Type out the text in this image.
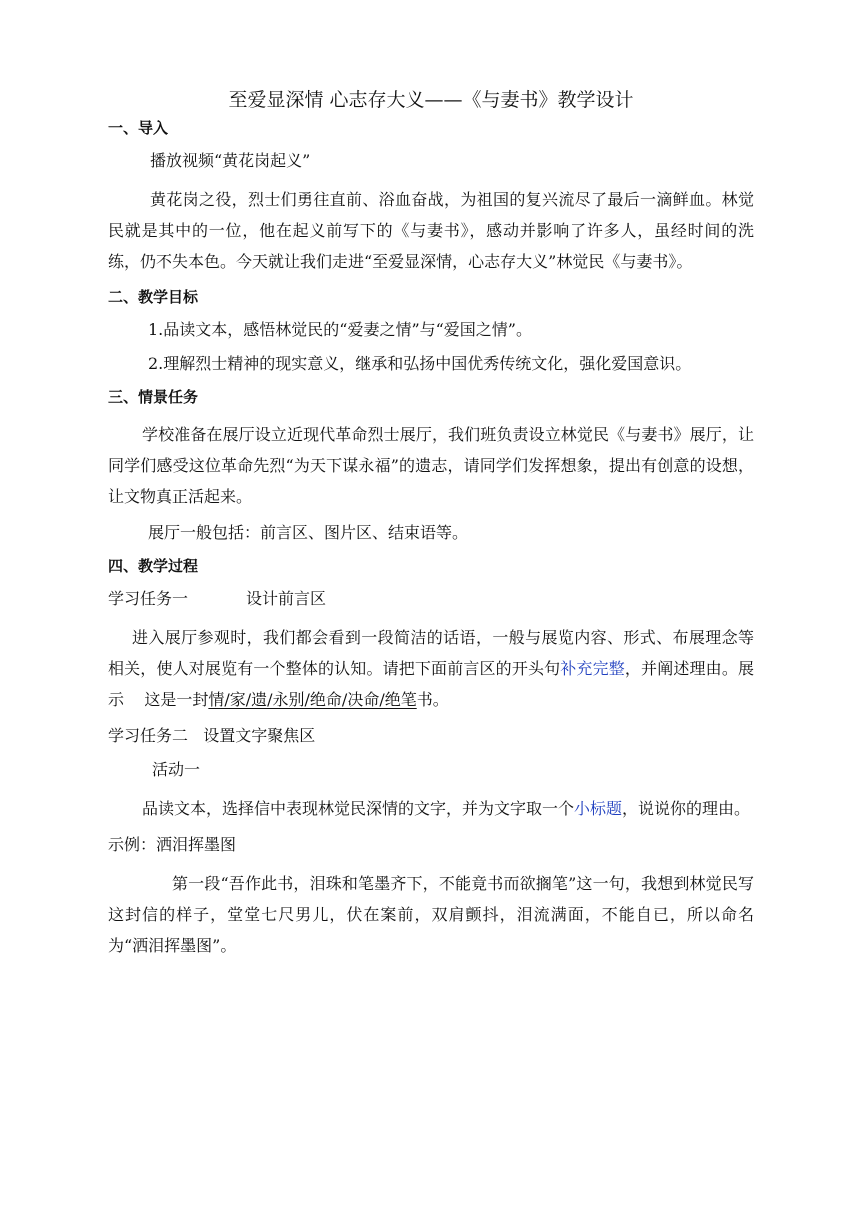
至爱显深情 心志存大义——《与妻书》教学设计
一、导入

播放视频“黄花岗起义”

黄花岗之役，烈士们勇往直前、浴血奋战，为祖国的复兴流尽了最后一滴鲜血。林觉民就是其中的一位，他在起义前写下的《与妻书》，感动并影响了许多人，虽经时间的洗练，仍不失本色。今天就让我们走进“至爱显深情，心志存大义”林觉民《与妻书》。

二、教学目标

1.品读文本，感悟林觉民的“爱妻之情”与“爱国之情”。

2.理解烈士精神的现实意义，继承和弘扬中国优秀传统文化，强化爱国意识。

三、情景任务

学校准备在展厅设立近现代革命烈士展厅，我们班负责设立林觉民《与妻书》展厅，让同学们感受这位革命先烈“为天下谋永福”的遗志，请同学们发挥想象，提出有创意的设想，让文物真正活起来。

展厅一般包括：前言区、图片区、结束语等。

四、教学过程

学习任务一	设计前言区

进入展厅参观时，我们都会看到一段简洁的话语，一般与展览内容、形式、布展理念等相关，使人对展览有一个整体的认知。请把下面前言区的开头句补充完整，并阐述理由。展示    这是一封情/家/遗/永别/绝命/决命/绝笔书。

学习任务二   设置文字聚焦区

活动一

品读文本，选择信中表现林觉民深情的文字，并为文字取一个小标题，说说你的理由。

示例：洒泪挥墨图

第一段“吾作此书，泪珠和笔墨齐下，不能竟书而欲搁笔”这一句，我想到林觉民写这封信的样子，堂堂七尺男儿，伏在案前，双肩颤抖，泪流满面，不能自已，所以命名为“洒泪挥墨图”。
